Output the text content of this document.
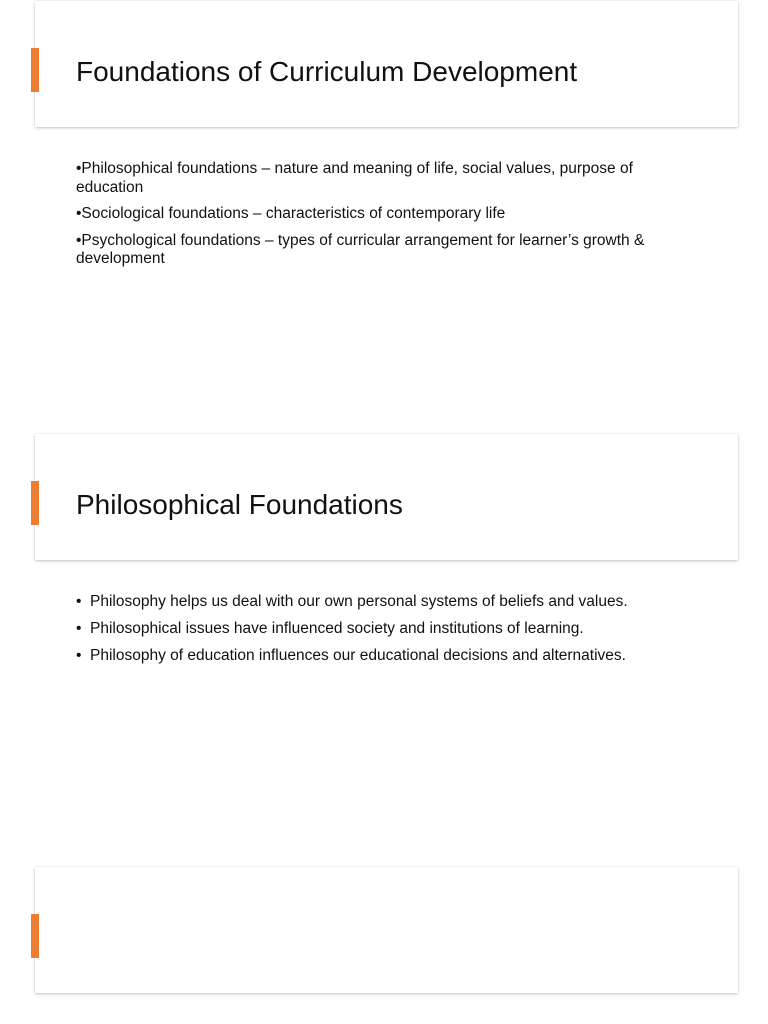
Foundations of Curriculum Development
•Philosophical foundations – nature and meaning of life, social values, purpose of education
•Sociological foundations – characteristics of contemporary life
•Psychological foundations – types of curricular arrangement for learner’s growth & development
Philosophical Foundations
• Philosophy helps us deal with our own personal systems of beliefs and values.
• Philosophical issues have influenced society and institutions of learning.
• Philosophy of education influences our educational decisions and alternatives.
